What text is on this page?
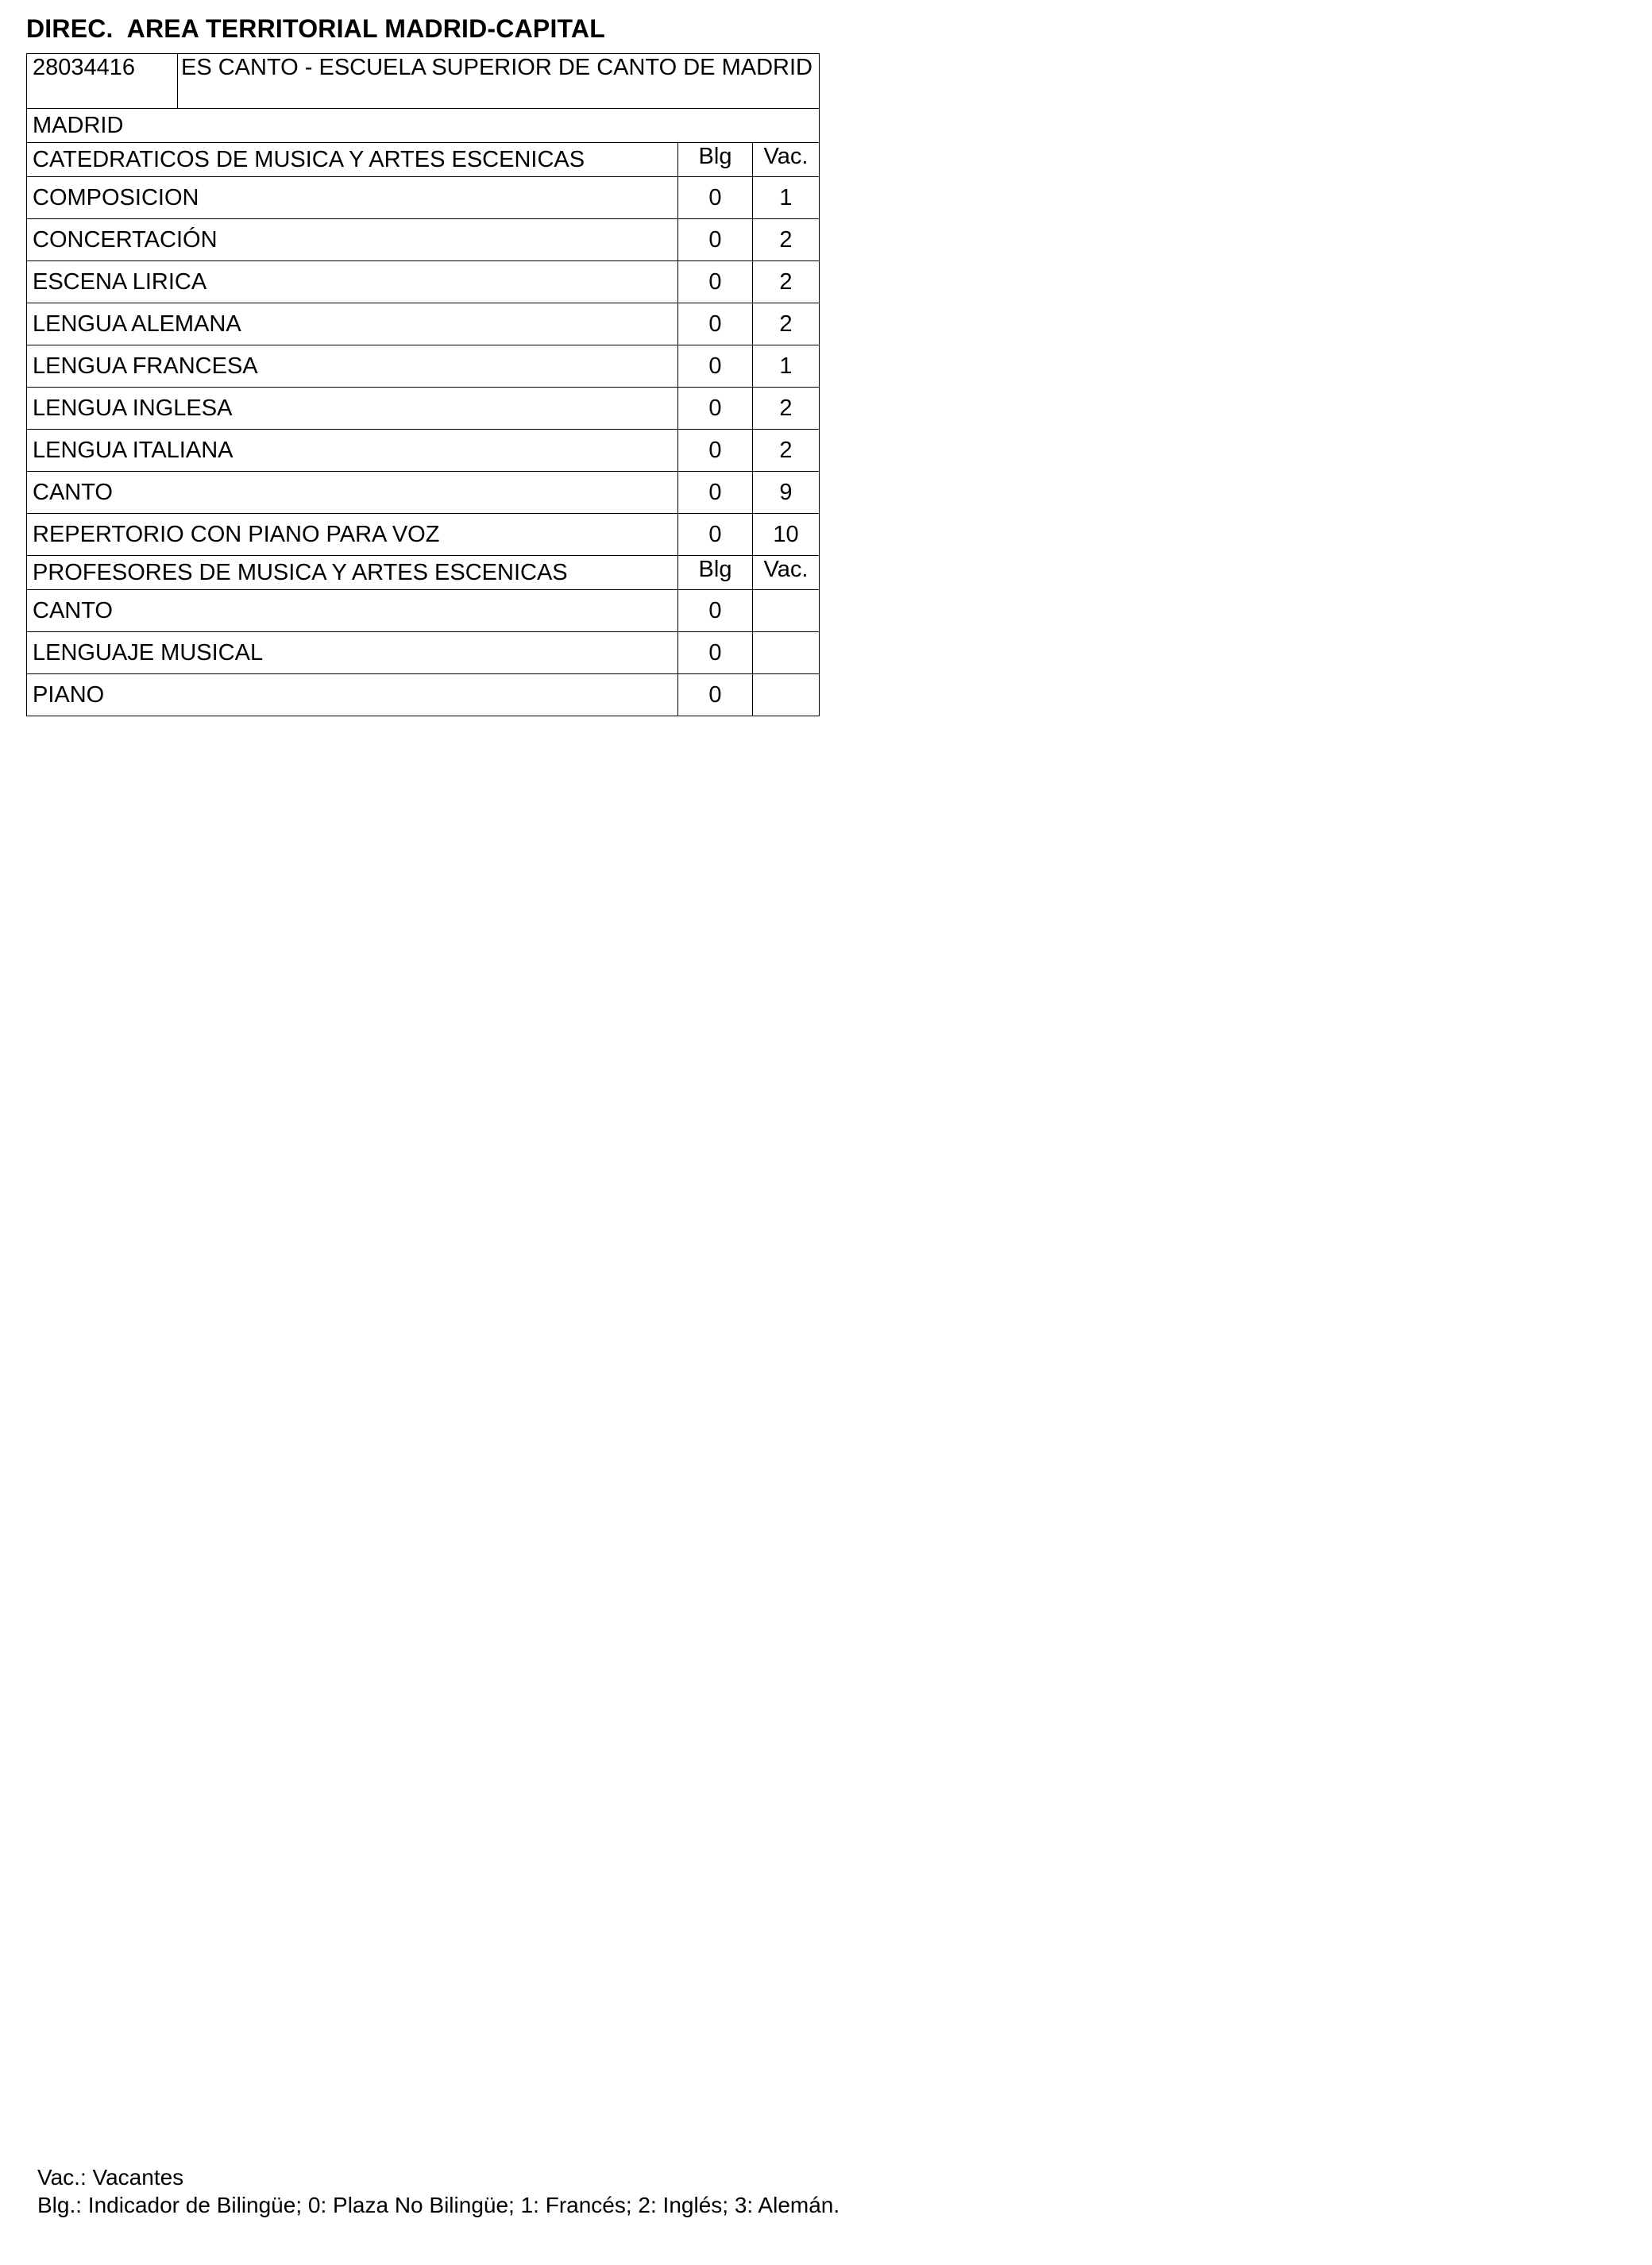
DIREC.  AREA TERRITORIAL MADRID-CAPITAL
28034416	ES CANTO - ESCUELA SUPERIOR DE CANTO DE MADRID		
MADRID			
CATEDRATICOS DE MUSICA Y ARTES ESCENICAS		Blg	Vac.
COMPOSICION		0	1
CONCERTACIÓN		0	2
ESCENA LIRICA		0	2
LENGUA ALEMANA		0	2
LENGUA FRANCESA		0	1
LENGUA INGLESA		0	2
LENGUA ITALIANA		0	2
CANTO		0	9
REPERTORIO CON PIANO PARA VOZ		0	10
PROFESORES DE MUSICA Y ARTES ESCENICAS		Blg	Vac.
CANTO		0	
LENGUAJE MUSICAL		0	
PIANO		0	
Vac.: Vacantes
Blg.: Indicador de Bilingüe; 0: Plaza No Bilingüe; 1: Francés; 2: Inglés; 3: Alemán.
